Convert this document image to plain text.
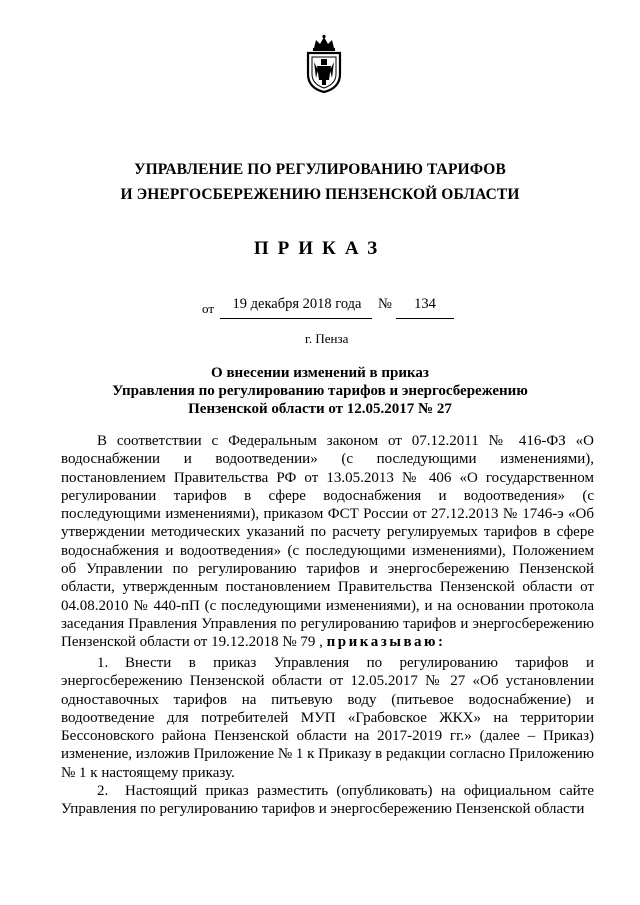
УПРАВЛЕНИЕ ПО РЕГУЛИРОВАНИЮ ТАРИФОВ
И ЭНЕРГОСБЕРЕЖЕНИЮ ПЕНЗЕНСКОЙ ОБЛАСТИ
ПРИКАЗ
от	19 декабря 2018 года	№	134
г. Пенза
О внесении изменений в приказ
Управления по регулированию тарифов и энергосбережению
Пензенской области от 12.05.2017 № 27
В соответствии с Федеральным законом от 07.12.2011 № 416-ФЗ «О водоснабжении и водоотведении» (с последующими изменениями), постановлением Правительства РФ от 13.05.2013 № 406 «О государственном регулировании тарифов в сфере водоснабжения и водоотведения» (с последующими изменениями), приказом ФСТ России от 27.12.2013 № 1746-э «Об утверждении методических указаний по расчету регулируемых тарифов в сфере водоснабжения и водоотведения» (с последующими изменениями), Положением об Управлении по регулированию тарифов и энергосбережению Пензенской области, утвержденным постановлением Правительства Пензенской области от 04.08.2010 № 440-пП (с последующими изменениями), и на основании протокола заседания Правления Управления по регулированию тарифов и энергосбережению Пензенской области от 19.12.2018 № 79 , приказываю:
1. Внести в приказ Управления по регулированию тарифов и энергосбережению Пензенской области от 12.05.2017 № 27 «Об установлении одноставочных тарифов на питьевую воду (питьевое водоснабжение) и водоотведение для потребителей МУП «Грабовское ЖКХ» на территории Бессоновского района Пензенской области на 2017-2019 гг.» (далее – Приказ) изменение, изложив Приложение № 1 к Приказу в редакции согласно Приложению № 1 к настоящему приказу.
2. Настоящий приказ разместить (опубликовать) на официальном сайте Управления по регулированию тарифов и энергосбережению Пензенской области
